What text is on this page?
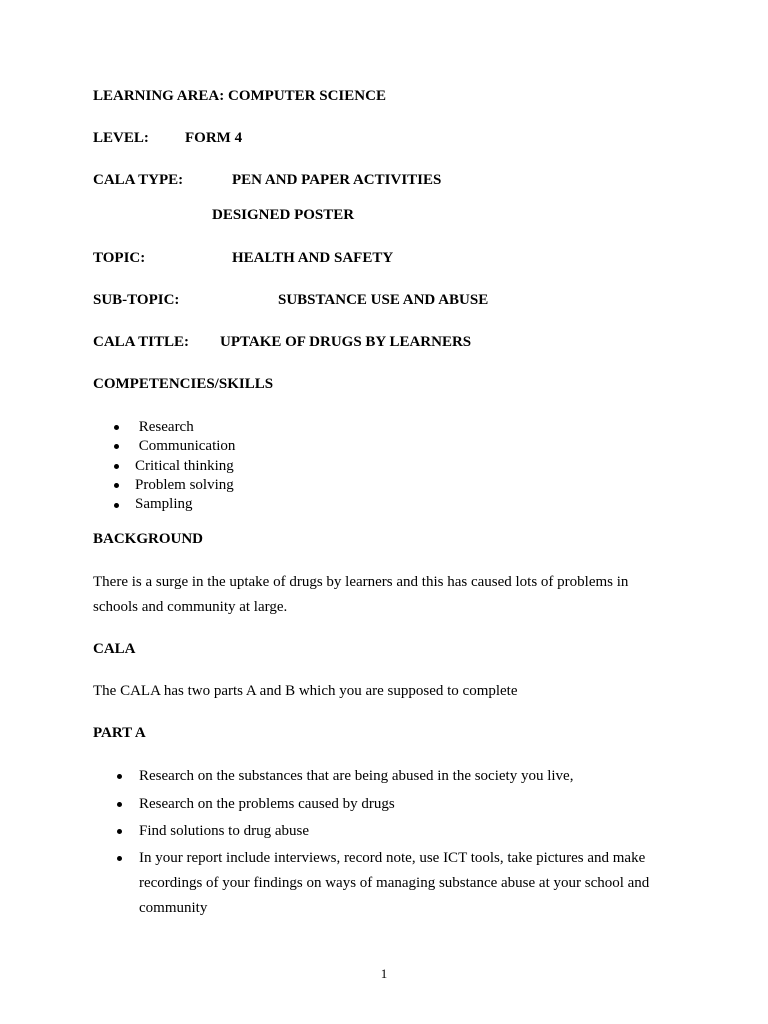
LEARNING AREA: COMPUTER SCIENCE
LEVEL: FORM 4
CALA TYPE:	PEN AND PAPER ACTIVITIES
DESIGNED POSTER
TOPIC:	HEALTH AND SAFETY
SUB-TOPIC:	SUBSTANCE USE AND ABUSE
CALA TITLE: UPTAKE OF DRUGS BY LEARNERS
COMPETENCIES/SKILLS
Research
Communication
Critical thinking
Problem solving
Sampling
BACKGROUND
There is a surge in the uptake of drugs by learners and this has caused lots of problems in
schools and community at large.
CALA
The CALA has two parts A and B which you are supposed to complete
PART A
Research on the substances that are being abused in the society you live,
Research on the problems caused by drugs
Find solutions to drug abuse
In your report include interviews, record note, use ICT tools, take pictures and make
recordings of your findings on ways of managing substance abuse at your school and
community
1
